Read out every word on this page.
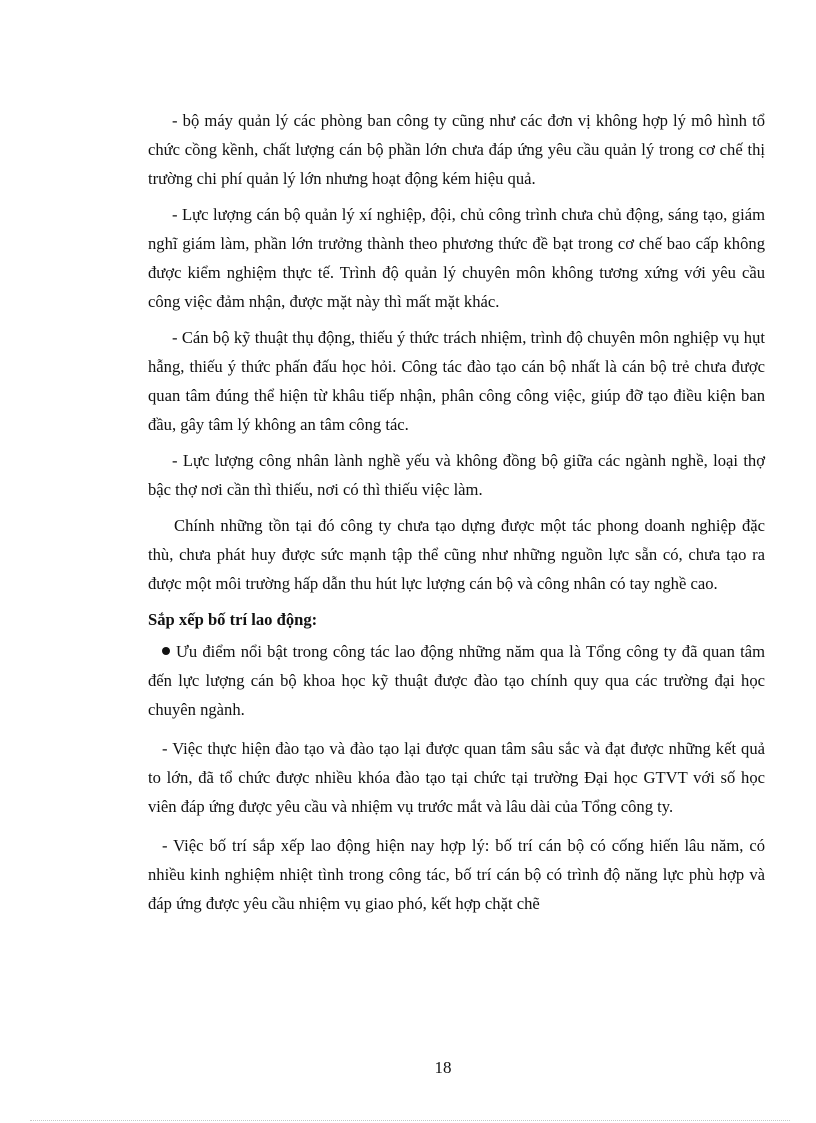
- bộ máy quản lý các phòng ban công ty cũng như các đơn vị không hợp lý mô hình tổ chức cồng kềnh, chất lượng cán bộ phần lớn chưa đáp ứng yêu cầu quản lý trong cơ chế thị trường chi phí quản lý lớn nhưng hoạt động kém hiệu quả.

- Lực lượng cán bộ quản lý xí nghiệp, đội, chủ công trình chưa chủ động, sáng tạo, giám nghĩ giám làm, phần lớn trưởng thành theo phương thức đề bạt trong cơ chế bao cấp không được kiểm nghiệm thực tế. Trình độ quản lý chuyên môn không tương xứng với yêu cầu công việc đảm nhận, được mặt này thì mất mặt khác.

- Cán bộ kỹ thuật thụ động, thiếu ý thức trách nhiệm, trình độ chuyên môn nghiệp vụ hụt hẫng, thiếu ý thức phấn đấu học hỏi. Công tác đào tạo cán bộ nhất là cán bộ trẻ chưa được quan tâm đúng thể hiện từ khâu tiếp nhận, phân công công việc, giúp đỡ tạo điều kiện ban đầu, gây tâm lý không an tâm công tác.

- Lực lượng công nhân lành nghề yếu và không đồng bộ giữa các ngành nghề, loại thợ bậc thợ nơi cần thì thiếu, nơi có thì thiếu việc làm.

Chính những tồn tại đó công ty chưa tạo dựng được một tác phong doanh nghiệp đặc thù, chưa phát huy được sức mạnh tập thể cũng như những nguồn lực sẵn có, chưa tạo ra được một môi trường hấp dẫn thu hút lực lượng cán bộ và công nhân có tay nghề cao.

Sắp xếp bố trí lao động:

Ưu điểm nổi bật trong công tác lao động những năm qua là Tổng công ty đã quan tâm đến lực lượng cán bộ khoa học kỹ thuật được đào tạo chính quy qua các trường đại học chuyên ngành.

- Việc thực hiện đào tạo và đào tạo lại được quan tâm sâu sắc và đạt được những kết quả to lớn, đã tổ chức được nhiều khóa đào tạo tại chức tại trường Đại học GTVT với số học viên đáp ứng được yêu cầu và nhiệm vụ trước mắt và lâu dài của Tổng công ty.

- Việc bố trí sắp xếp lao động hiện nay hợp lý: bố trí cán bộ có cống hiến lâu năm, có nhiều kinh nghiệm nhiệt tình trong công tác, bố trí cán bộ có trình độ năng lực phù hợp và đáp ứng được yêu cầu nhiệm vụ giao phó, kết hợp chặt chẽ

18
